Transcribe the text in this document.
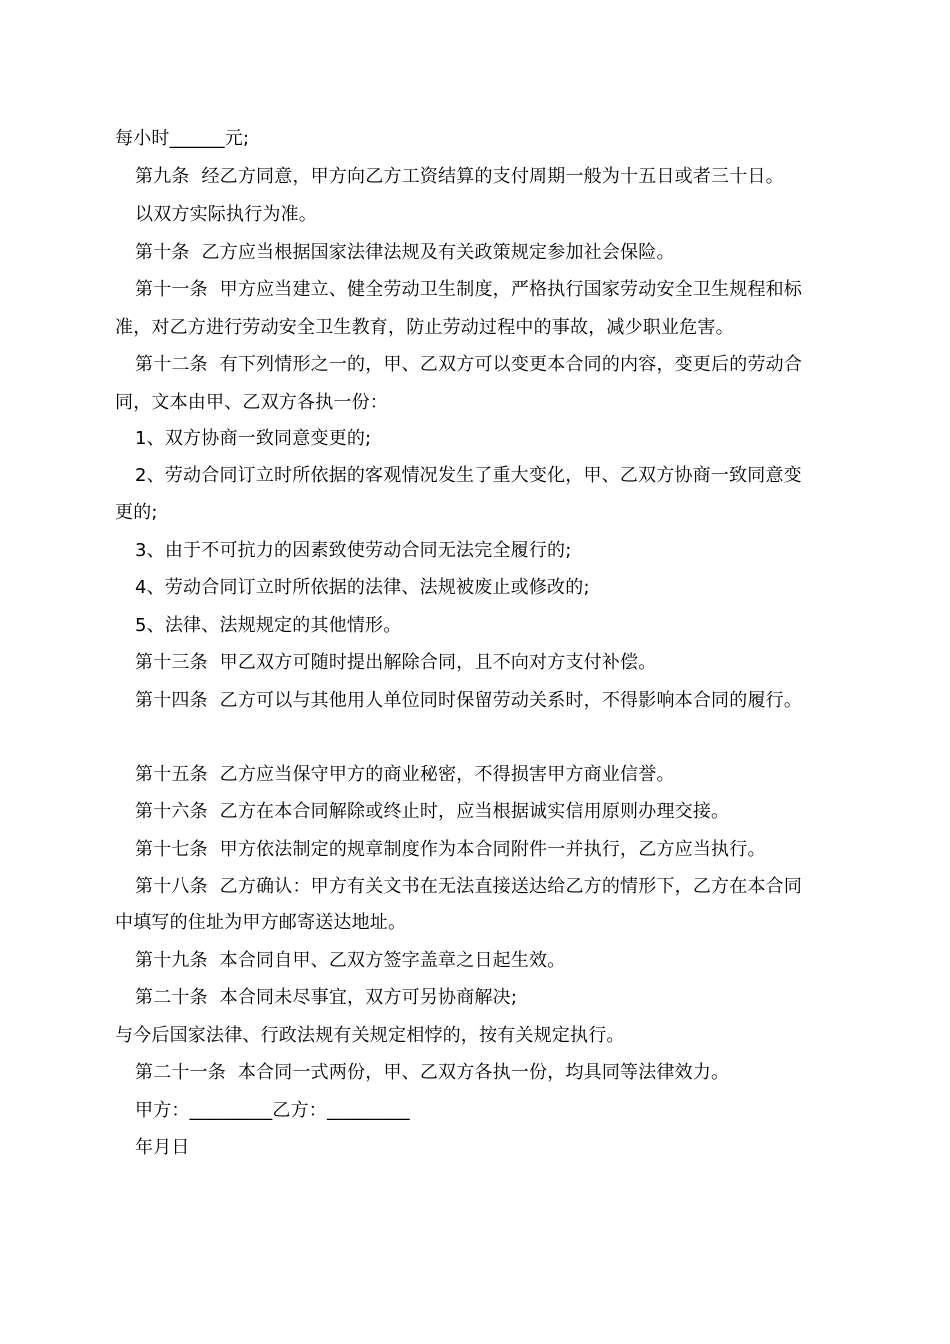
每小时______元;
第九条  经乙方同意，甲方向乙方工资结算的支付周期一般为十五日或者三十日。
以双方实际执行为准。
第十条  乙方应当根据国家法律法规及有关政策规定参加社会保险。
第十一条  甲方应当建立、健全劳动卫生制度，严格执行国家劳动安全卫生规程和标
准，对乙方进行劳动安全卫生教育，防止劳动过程中的事故，减少职业危害。
第十二条  有下列情形之一的，甲、乙双方可以变更本合同的内容，变更后的劳动合
同，文本由甲、乙双方各执一份：
1、双方协商一致同意变更的;
2、劳动合同订立时所依据的客观情况发生了重大变化，甲、乙双方协商一致同意变
更的;
3、由于不可抗力的因素致使劳动合同无法完全履行的;
4、劳动合同订立时所依据的法律、法规被废止或修改的;
5、法律、法规规定的其他情形。
第十三条  甲乙双方可随时提出解除合同，且不向对方支付补偿。
第十四条  乙方可以与其他用人单位同时保留劳动关系时，不得影响本合同的履行。
第十五条  乙方应当保守甲方的商业秘密，不得损害甲方商业信誉。
第十六条  乙方在本合同解除或终止时，应当根据诚实信用原则办理交接。
第十七条  甲方依法制定的规章制度作为本合同附件一并执行，乙方应当执行。
第十八条  乙方确认：甲方有关文书在无法直接送达给乙方的情形下，乙方在本合同
中填写的住址为甲方邮寄送达地址。
第十九条  本合同自甲、乙双方签字盖章之日起生效。
第二十条  本合同未尽事宜，双方可另协商解决;
与今后国家法律、行政法规有关规定相悖的，按有关规定执行。
第二十一条  本合同一式两份，甲、乙双方各执一份，均具同等法律效力。
甲方：_________乙方：_________
年月日
